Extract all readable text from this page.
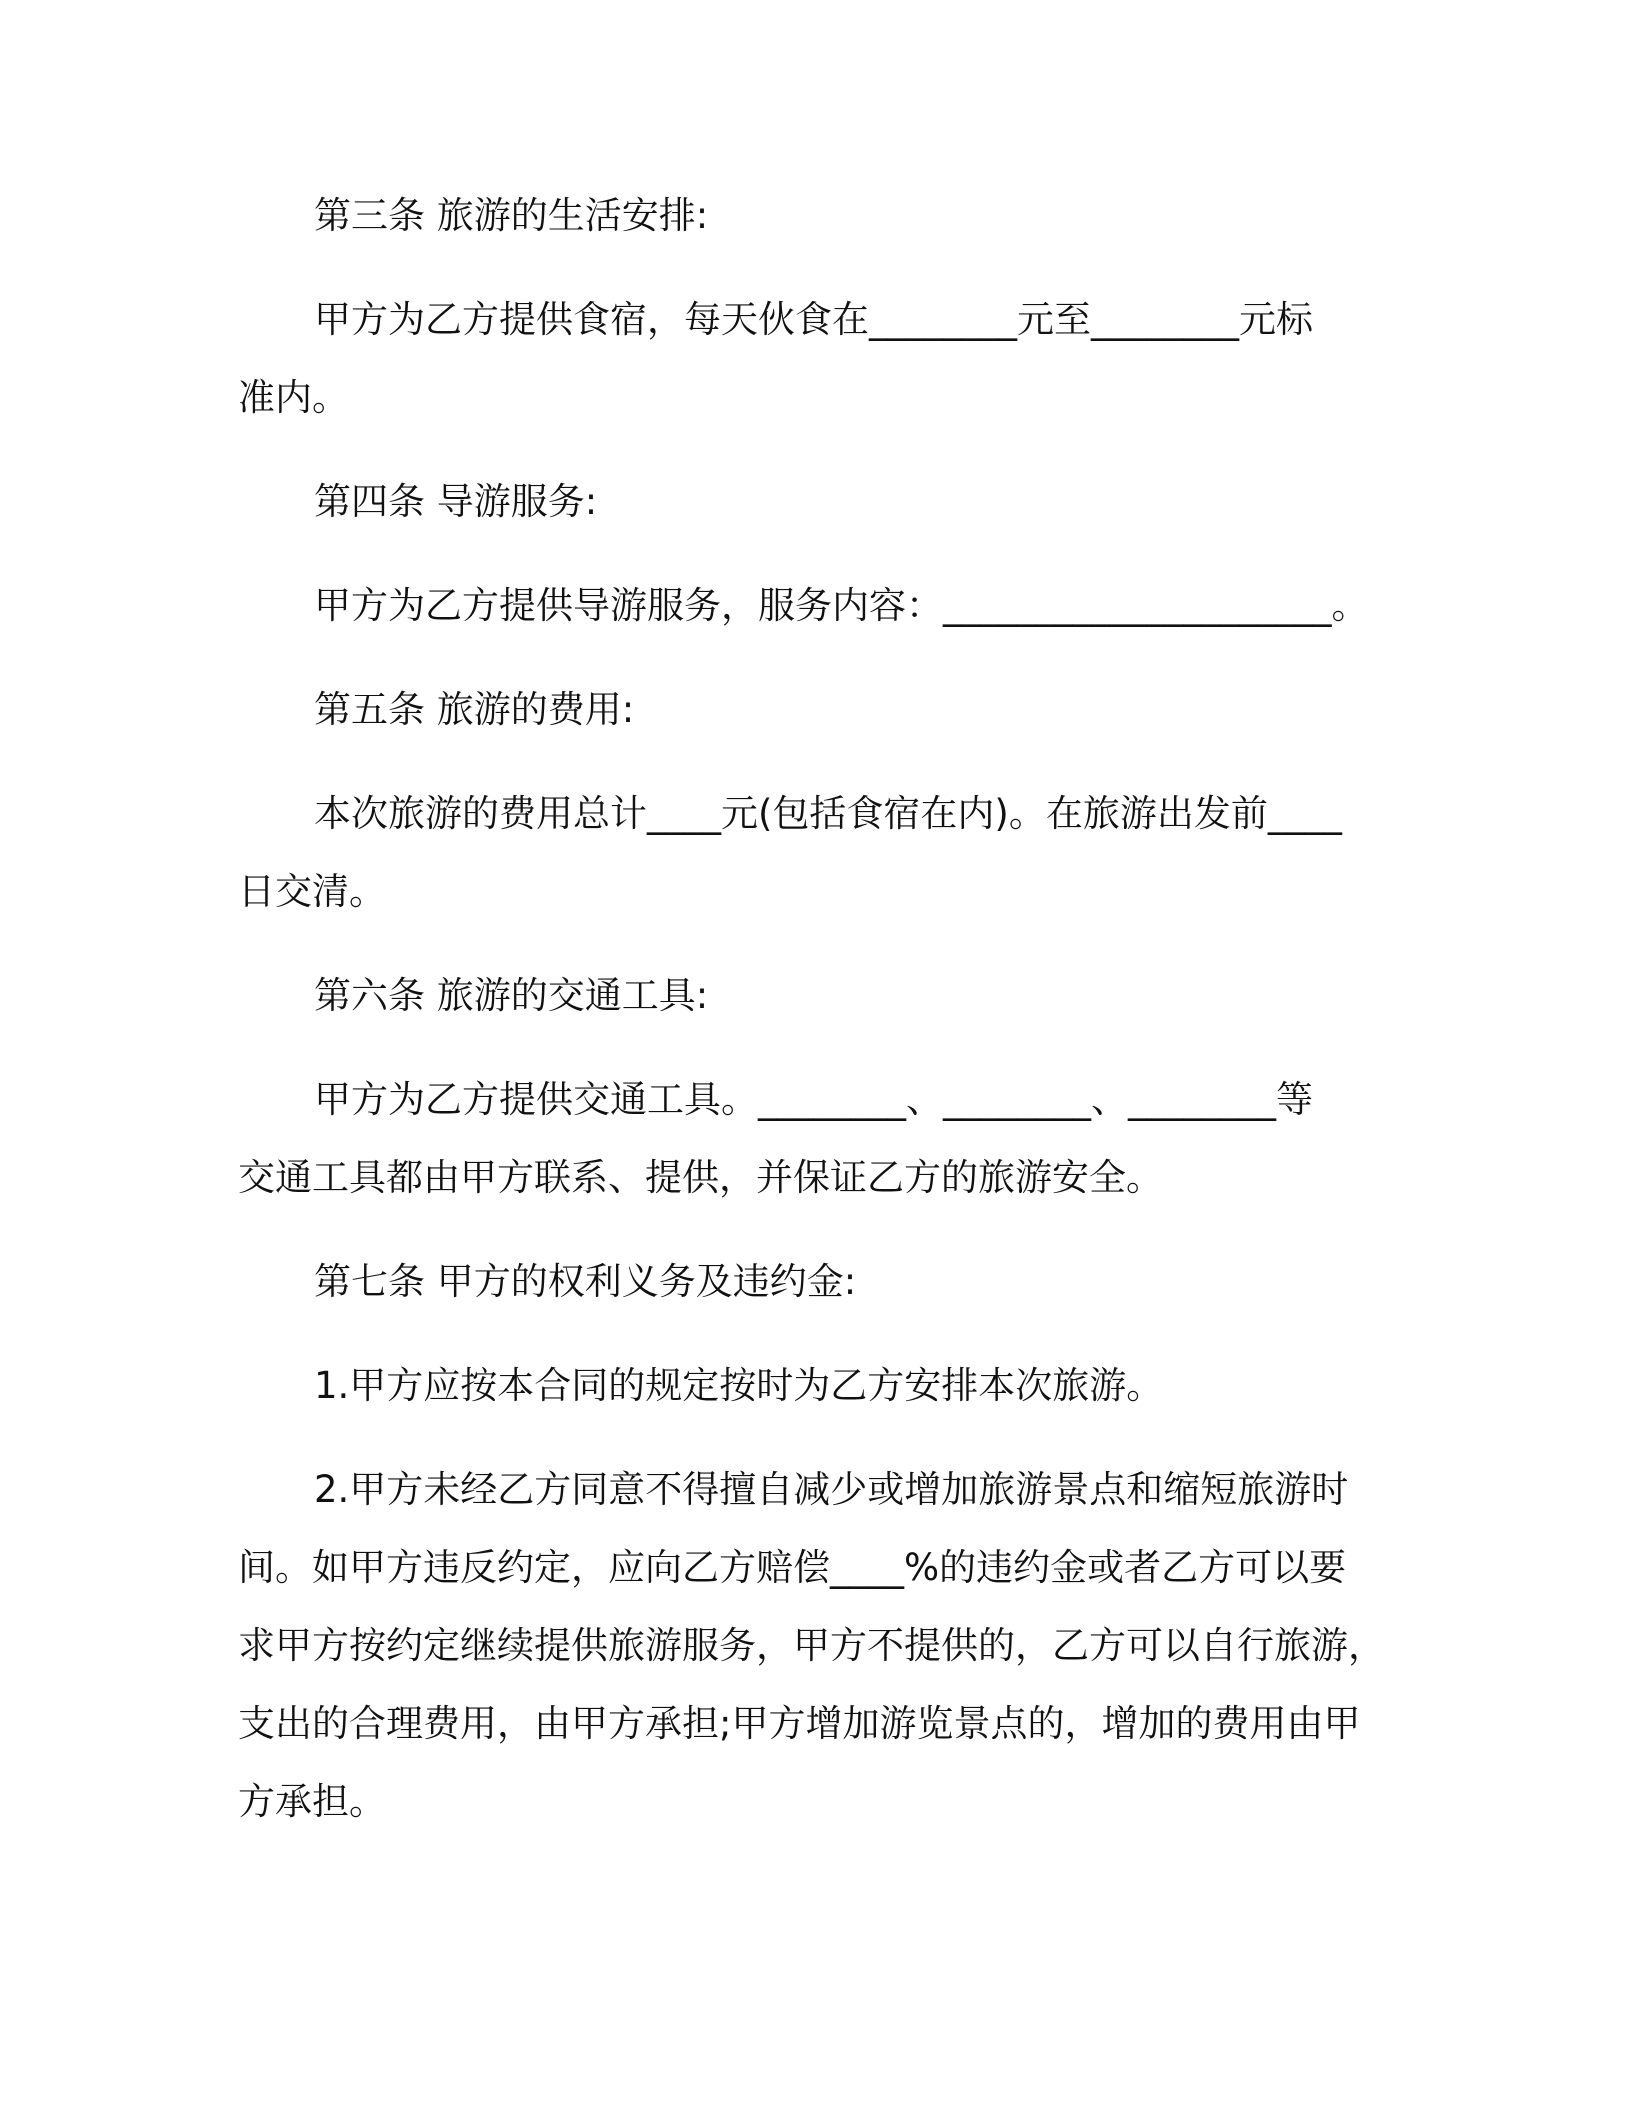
第三条 旅游的生活安排:
甲方为乙方提供食宿，每天伙食在________元至________元标
准内。
第四条 导游服务:
甲方为乙方提供导游服务，服务内容：_____________________。
第五条 旅游的费用:
本次旅游的费用总计____元(包括食宿在内)。在旅游出发前____
日交清。
第六条 旅游的交通工具:
甲方为乙方提供交通工具。________、________、________等
交通工具都由甲方联系、提供，并保证乙方的旅游安全。
第七条 甲方的权利义务及违约金:
1.甲方应按本合同的规定按时为乙方安排本次旅游。
2.甲方未经乙方同意不得擅自减少或增加旅游景点和缩短旅游时
间。如甲方违反约定，应向乙方赔偿____%的违约金或者乙方可以要
求甲方按约定继续提供旅游服务，甲方不提供的，乙方可以自行旅游，
支出的合理费用，由甲方承担;甲方增加游览景点的，增加的费用由甲
方承担。
